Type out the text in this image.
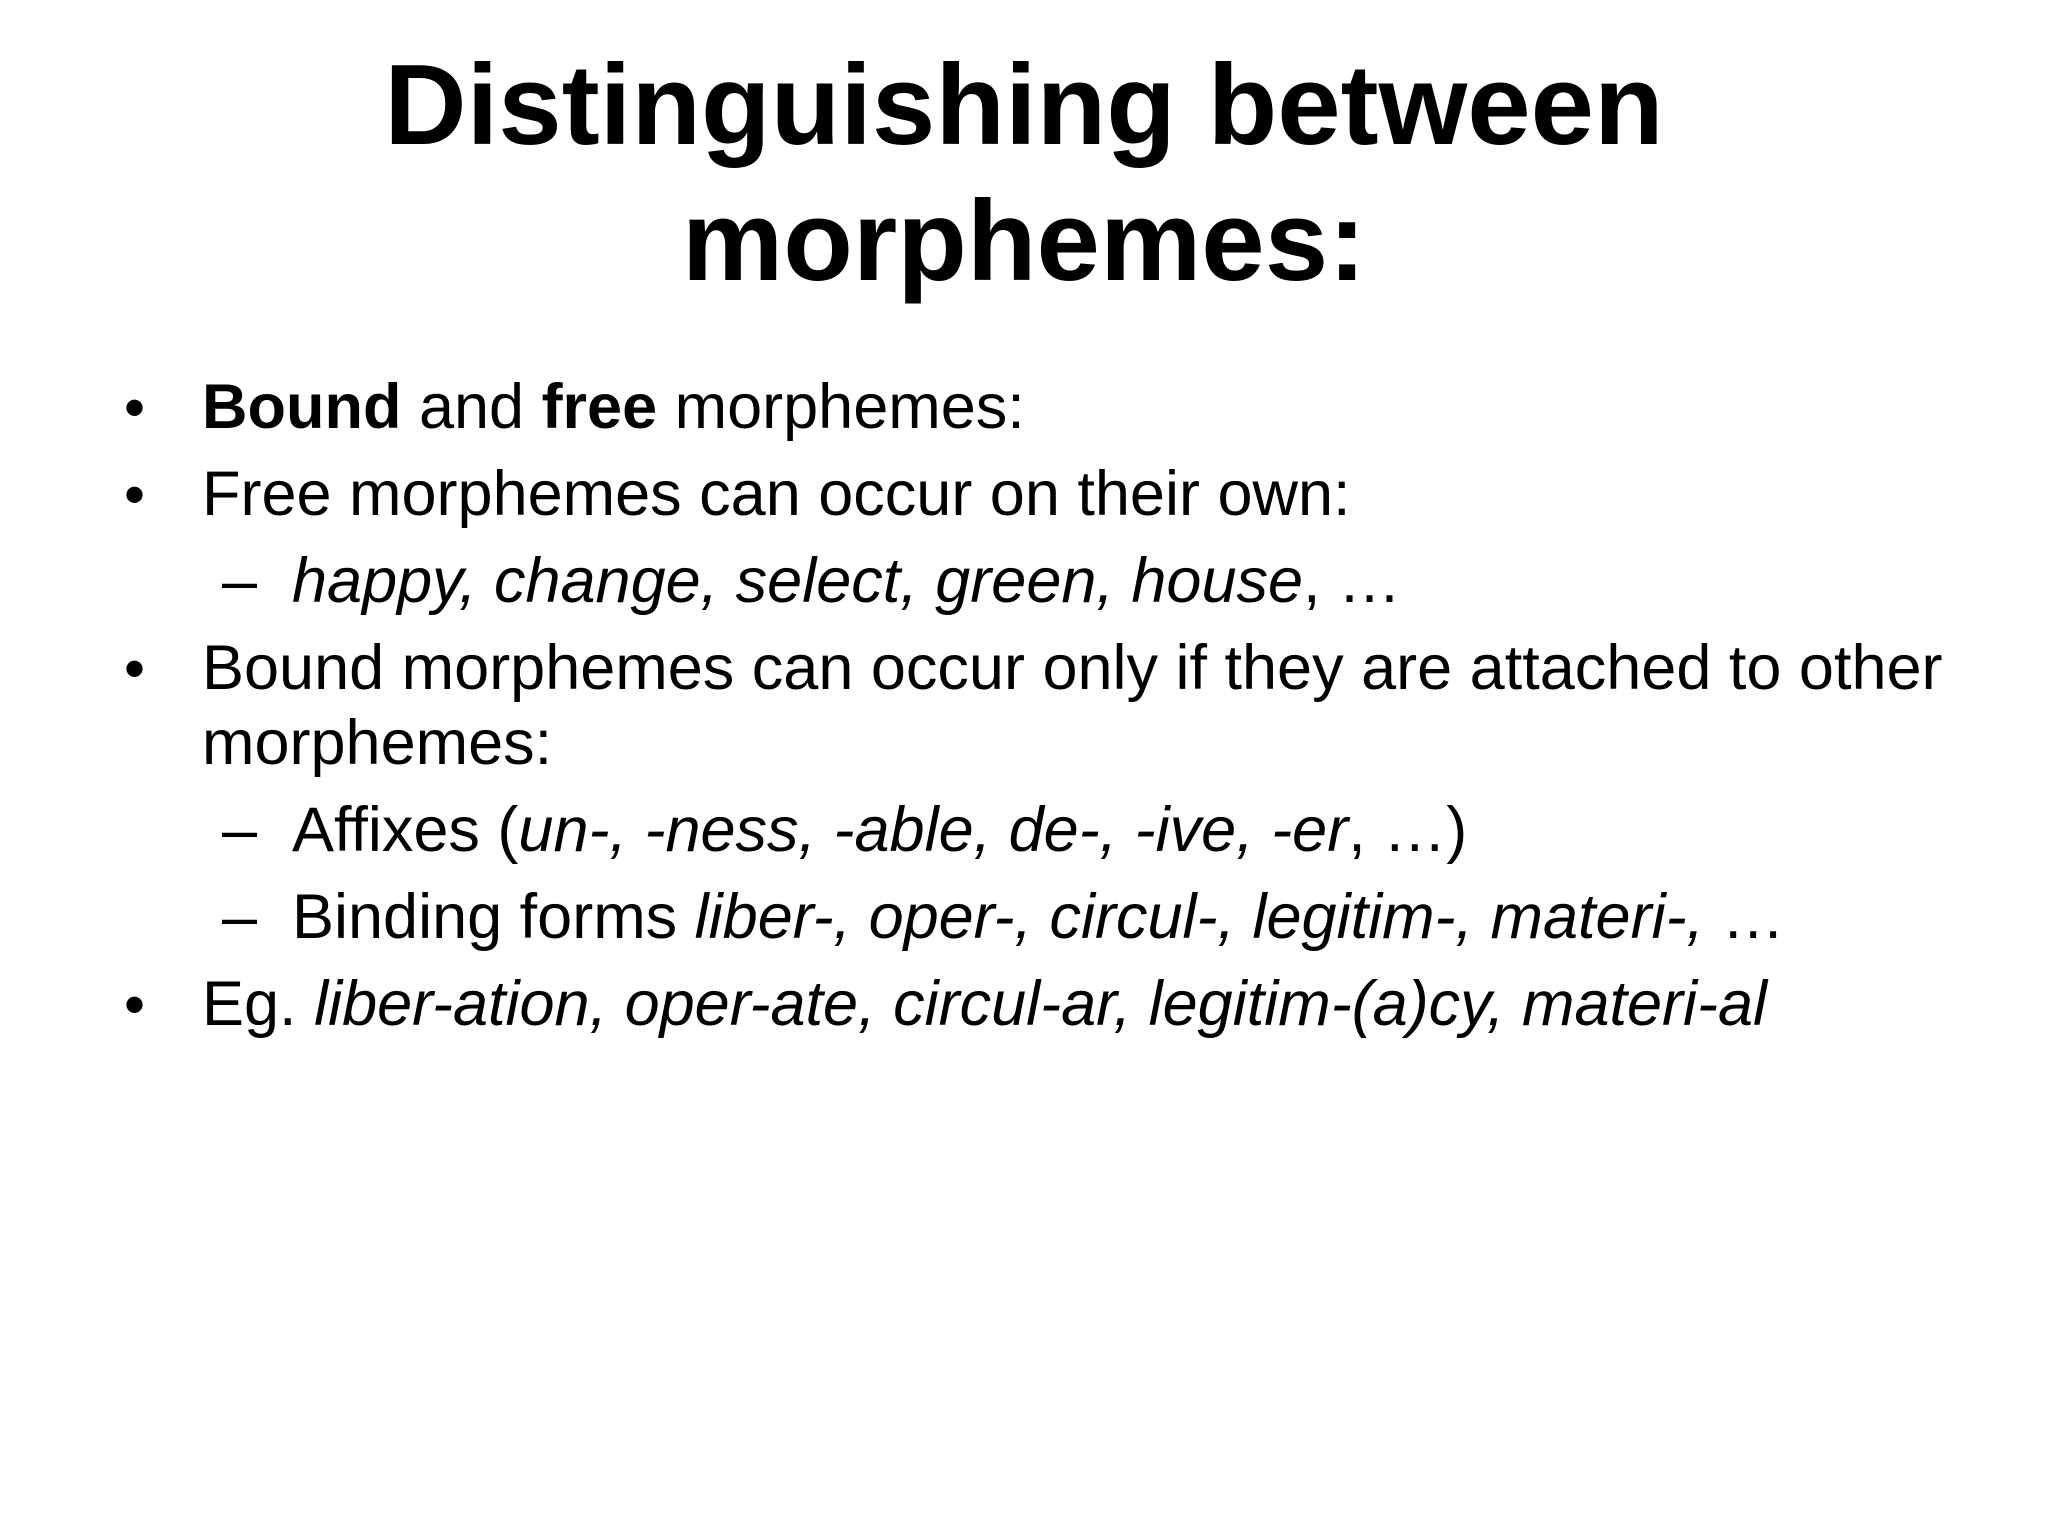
Distinguishing between
morphemes:
• Bound and free morphemes:
• Free morphemes can occur on their own:
– happy, change, select, green, house, …
• Bound morphemes can occur only if they are attached to other morphemes:
– Affixes (un-, -ness, -able, de-, -ive, -er, …)
– Binding forms liber-, oper-, circul-, legitim-, materi-, …
• Eg. liber-ation, oper-ate, circul-ar, legitim-(a)cy, materi-al
